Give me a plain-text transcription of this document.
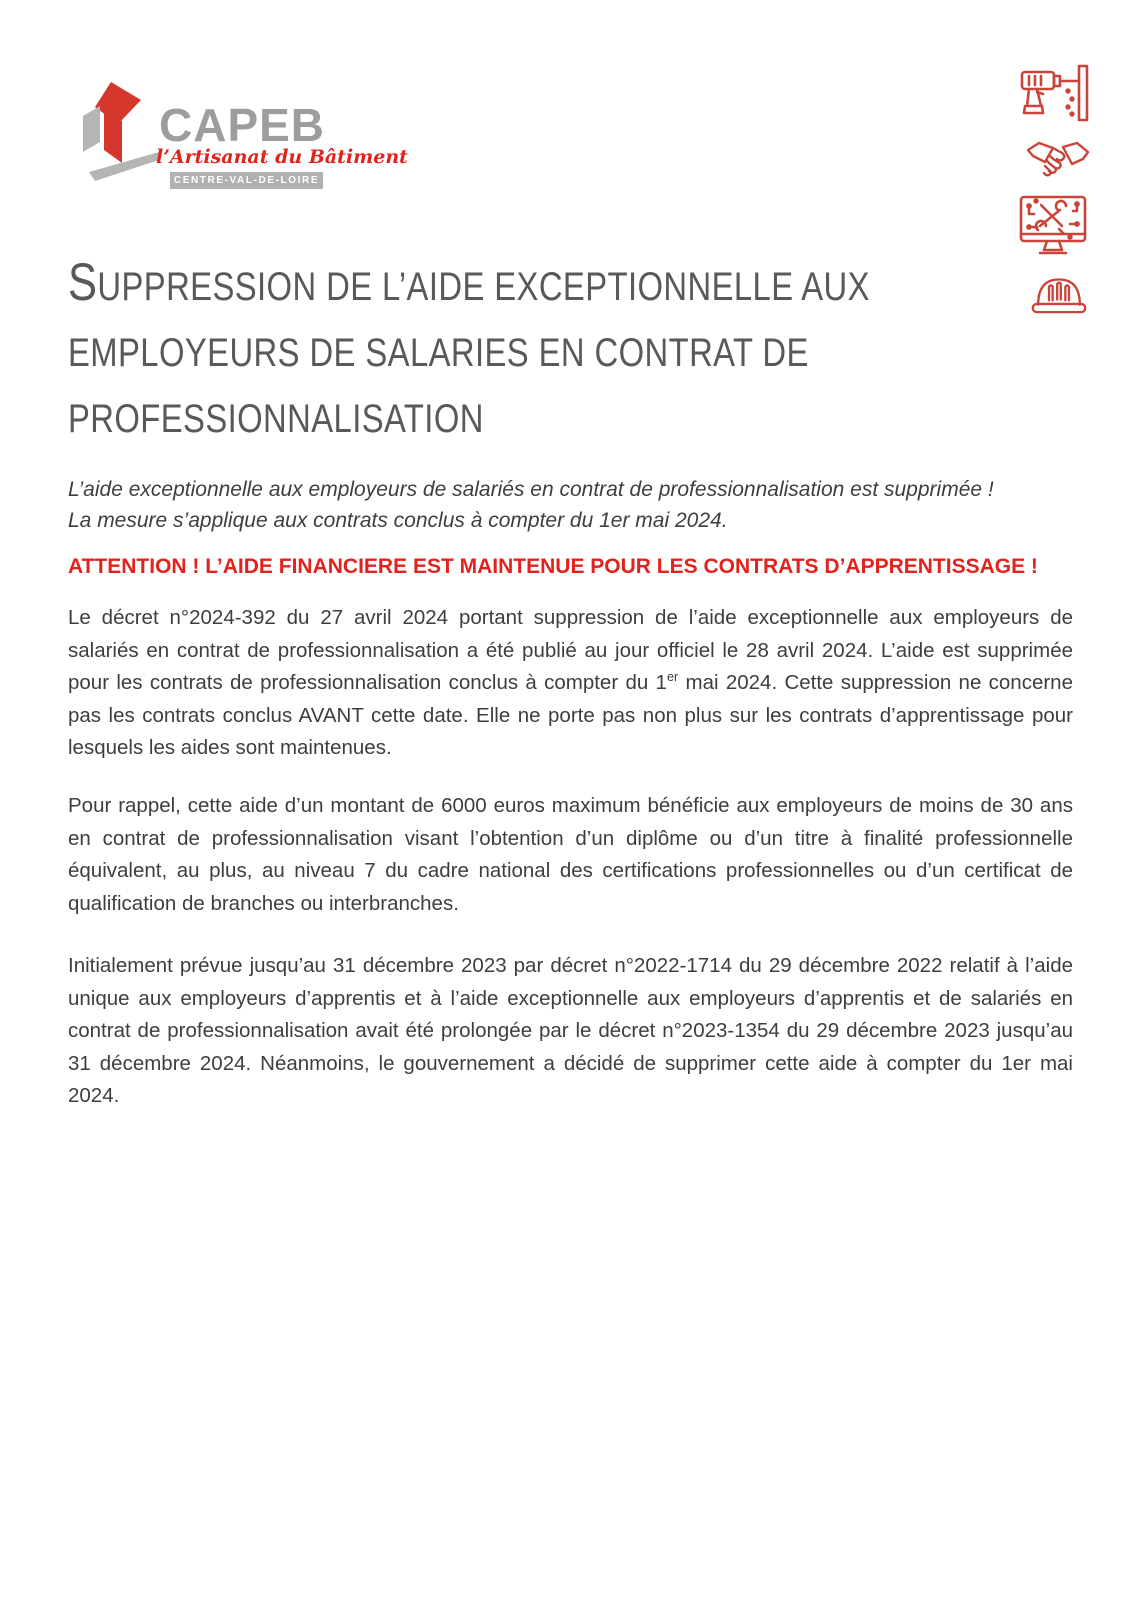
CAPEB
l’Artisanat du Bâtiment
CENTRE-VAL-DE-LOIRE
SUPPRESSION DE L’AIDE EXCEPTIONNELLE AUX
EMPLOYEURS DE SALARIES EN CONTRAT DE
PROFESSIONNALISATION
L’aide exceptionnelle aux employeurs de salariés en contrat de professionnalisation est supprimée !
La mesure s’applique aux contrats conclus à compter du 1er mai 2024.
ATTENTION ! L’AIDE FINANCIERE EST MAINTENUE POUR LES CONTRATS D’APPRENTISSAGE !

Le décret n°2024-392 du 27 avril 2024 portant suppression de l’aide exceptionnelle aux employeurs de salariés en contrat de professionnalisation a été publié au jour officiel le 28 avril 2024. L’aide est supprimée pour les contrats de professionnalisation conclus à compter du 1er mai 2024. Cette suppression ne concerne pas les contrats conclus AVANT cette date. Elle ne porte pas non plus sur les contrats d’apprentissage pour lesquels les aides sont maintenues.

Pour rappel, cette aide d’un montant de 6000 euros maximum bénéficie aux employeurs de moins de 30 ans en contrat de professionnalisation visant l’obtention d’un diplôme ou d’un titre à finalité professionnelle équivalent, au plus, au niveau 7 du cadre national des certifications professionnelles ou d’un certificat de qualification de branches ou interbranches.

Initialement prévue jusqu’au 31 décembre 2023 par décret n°2022-1714 du 29 décembre 2022 relatif à l’aide unique aux employeurs d’apprentis et à l’aide exceptionnelle aux employeurs d’apprentis et de salariés en contrat de professionnalisation avait été prolongée par le décret n°2023-1354 du 29 décembre 2023 jusqu’au 31 décembre 2024. Néanmoins, le gouvernement a décidé de supprimer cette aide à compter du 1er mai 2024.
